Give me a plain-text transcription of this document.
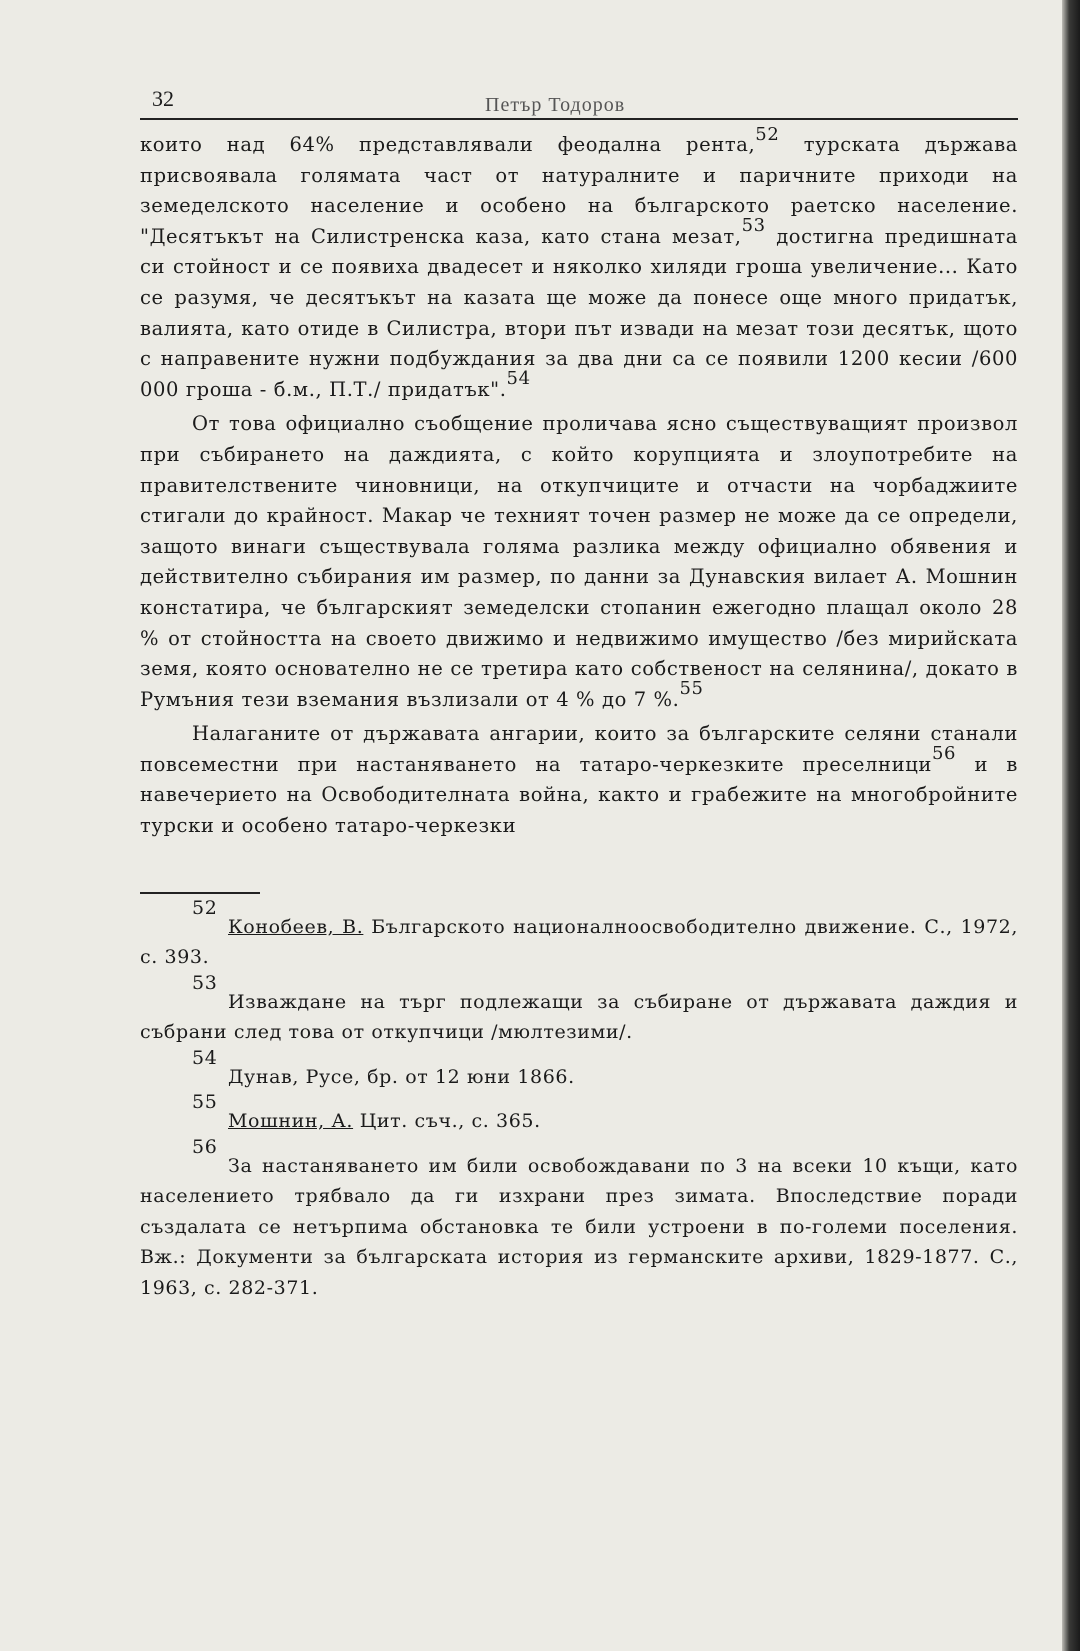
32	Петър Тодоров

които над 64% представлявали феодална рента,$^{52}$ турската държава присвоявала голямата част от натуралните и паричните приходи на земеделското население и особено на българското раетско население. "Десятъкът на Силистренска каза, като стана мезат,$^{53}$ достигна предишната си стойност и се появиха двадесет и няколко хиляди гроша увеличение... Като се разумя, че десятъкът на казата ще може да понесе още много придатък, валията, като отиде в Силистра, втори път извади на мезат този десятък, щото с направените нужни подбуждания за два дни са се появили 1200 кесии /600 000 гроша - б.м., П.Т./ придатък".$^{54}$

От това официално съобщение проличава ясно съществуващият произвол при събирането на даждията, с който корупцията и злоупотребите на правителствените чиновници, на откупчиците и отчасти на чорбаджиите стигали до крайност. Макар че техният точен размер не може да се определи, защото винаги съществувала голяма разлика между официално обявения и действително събирания им размер, по данни за Дунавския вилает А. Мошнин констатира, че българският земеделски стопанин ежегодно плащал около 28 % от стойността на своето движимо и недвижимо имущество /без мирийската земя, която основателно не се третира като собственост на селянина/, докато в Румъния тези вземания възлизали от 4 % до 7 %.$^{55}$

Налаганите от държавата ангарии, които за българските селяни станали повсеместни при настаняването на татаро-черкезките преселници$^{56}$ и в навечерието на Освободителната война, както и грабежите на многобройните турски и особено татаро-черкезки

52
Конобеев, В. Българското националноосвободително движение. С., 1972, с. 393.
53
Изваждане на търг подлежащи за събиране от държавата даждия и събрани след това от откупчици /мюлтезими/.
54
Дунав, Русе, бр. от 12 юни 1866.
55
Мошнин, А. Цит. съч., с. 365.
56
За настаняването им били освобождавани по 3 на всеки 10 къщи, като населението трябвало да ги изхрани през зимата. Впоследствие поради създалата се нетърпима обстановка те били устроени в по-големи поселения. Вж.: Документи за българската история из германските архиви, 1829-1877. С., 1963, с. 282-371.
